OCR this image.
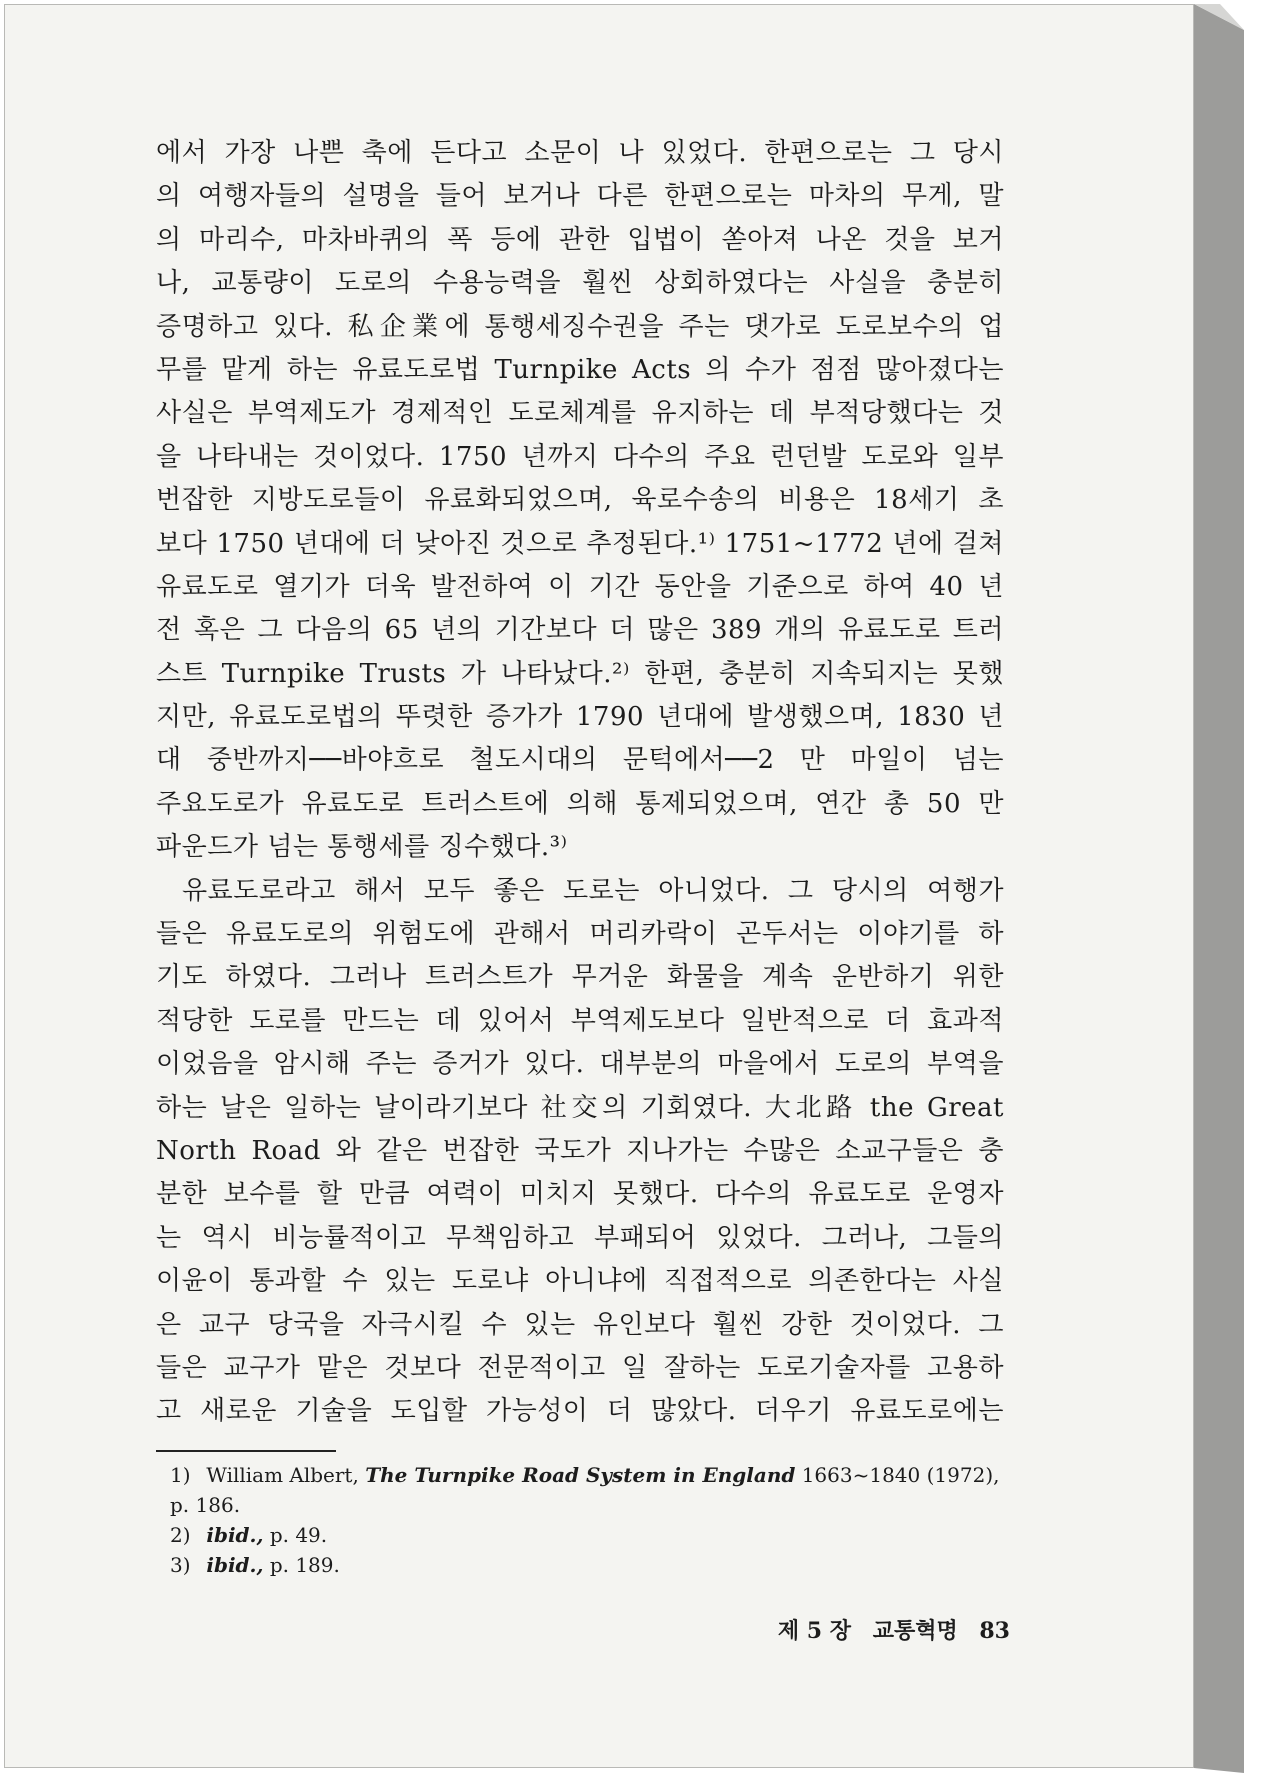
에서 가장 나쁜 축에 든다고 소문이 나 있었다. 한편으로는 그 당시
의 여행자들의 설명을 들어 보거나 다른 한편으로는 마차의 무게, 말
의 마리수, 마차바퀴의 폭 등에 관한 입법이 쏟아져 나온 것을 보거
나, 교통량이 도로의 수용능력을 훨씬 상회하였다는 사실을 충분히
증명하고 있다. 私企業에 통행세징수권을 주는 댓가로 도로보수의 업
무를 맡게 하는 유료도로법 Turnpike Acts 의 수가 점점 많아졌다는
사실은 부역제도가 경제적인 도로체계를 유지하는 데 부적당했다는 것
을 나타내는 것이었다. 1750 년까지 다수의 주요 런던발 도로와 일부
번잡한 지방도로들이 유료화되었으며, 육로수송의 비용은 18세기 초
보다 1750 년대에 더 낮아진 것으로 추정된다.¹⁾ 1751~1772 년에 걸쳐
유료도로 열기가 더욱 발전하여 이 기간 동안을 기준으로 하여 40 년
전 혹은 그 다음의 65 년의 기간보다 더 많은 389 개의 유료도로 트러
스트 Turnpike Trusts 가 나타났다.²⁾ 한편, 충분히 지속되지는 못했
지만, 유료도로법의 뚜렷한 증가가 1790 년대에 발생했으며, 1830 년
대 중반까지──바야흐로 철도시대의 문턱에서──2 만 마일이 넘는
주요도로가 유료도로 트러스트에 의해 통제되었으며, 연간 총 50 만
파운드가 넘는 통행세를 징수했다.³⁾
유료도로라고 해서 모두 좋은 도로는 아니었다. 그 당시의 여행가
들은 유료도로의 위험도에 관해서 머리카락이 곤두서는 이야기를 하
기도 하였다. 그러나 트러스트가 무거운 화물을 계속 운반하기 위한
적당한 도로를 만드는 데 있어서 부역제도보다 일반적으로 더 효과적
이었음을 암시해 주는 증거가 있다. 대부분의 마을에서 도로의 부역을
하는 날은 일하는 날이라기보다 社交의 기회였다. 大北路 the Great
North Road 와 같은 번잡한 국도가 지나가는 수많은 소교구들은 충
분한 보수를 할 만큼 여력이 미치지 못했다. 다수의 유료도로 운영자
는 역시 비능률적이고 무책임하고 부패되어 있었다. 그러나, 그들의
이윤이 통과할 수 있는 도로냐 아니냐에 직접적으로 의존한다는 사실
은 교구 당국을 자극시킬 수 있는 유인보다 훨씬 강한 것이었다. 그
들은 교구가 맡은 것보다 전문적이고 일 잘하는 도로기술자를 고용하
고 새로운 기술을 도입할 가능성이 더 많았다. 더우기 유료도로에는
1) William Albert, The Turnpike Road System in England 1663~1840 (1972),
p. 186.
2) ibid., p. 49.
3) ibid., p. 189.
제 5 장 교통혁명 83
